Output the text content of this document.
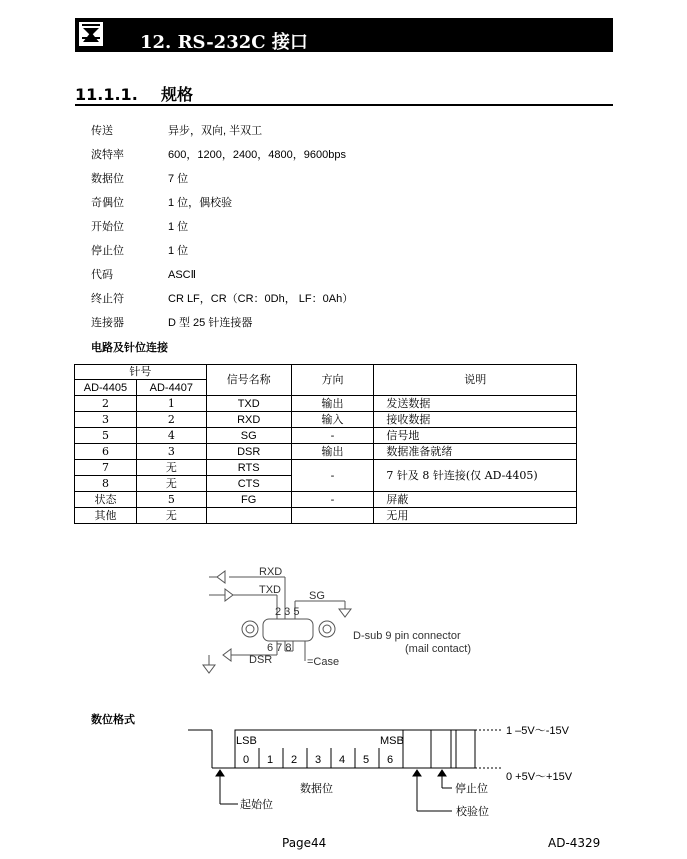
12. RS-232C 接口
11.1.1. 规格
传送	异步，双向, 半双工
波特率	600，1200，2400，4800，9600bps
数据位	7 位
奇偶位	1 位，偶校验
开始位	1 位
停止位	1 位
代码	ASCⅡ
终止符	CR LF，CR（CR：0Dh， LF：0Ah）
连接器	D 型 25 针连接器
电路及针位连接
针号		信号名称	方向	说明
AD-4405	AD-4407			
2	1	TXD	输出	发送数据
3	2	RXD	输入	接收数据
5	4	SG	-	信号地
6	3	DSR	输出	数据准备就绪
7	无	RTS	-	7 针及 8 针连接(仅 AD-4405)
8	无	CTS		
状态	5	FG	-	屏蔽
其他	无			无用
RXD
TXD	SG
2 3 5
6 7 8
DSR	=Case
D-sub 9 pin connector
(mail contact)
数位格式
LSB	MSB
0 1 2 3 4 5 6
1 –5V～-15V
0 +5V～+15V
起始位
数据位	停止位
校验位
Page44	AD-4329
